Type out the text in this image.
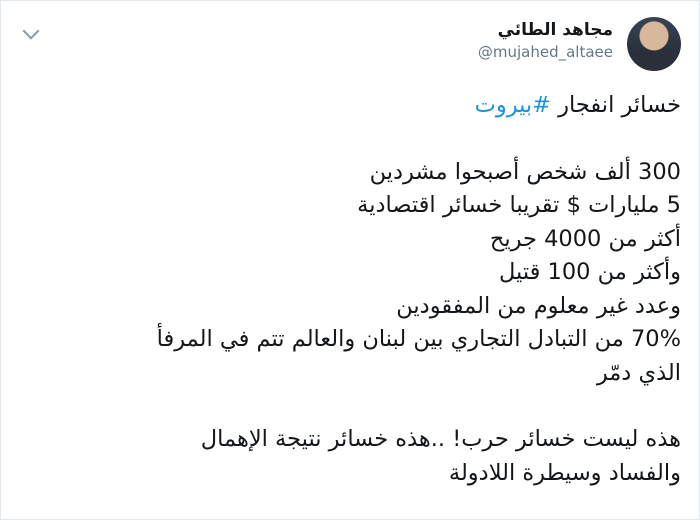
مجاهد الطائي
@mujahed_altaee

خسائر انفجار #بيروت

300 ألف شخص أصبحوا مشردين

5 مليارات $ تقريبا خسائر اقتصادية

أكثر من 4000 جريح

وأكثر من 100 قتيل

وعدد غير معلوم من المفقودين

70% من التبادل التجاري بين لبنان والعالم تتم في المرفأ

الذي دمّر

هذه ليست خسائر حرب! ..هذه خسائر نتيجة الإهمال

والفساد وسيطرة اللادولة
